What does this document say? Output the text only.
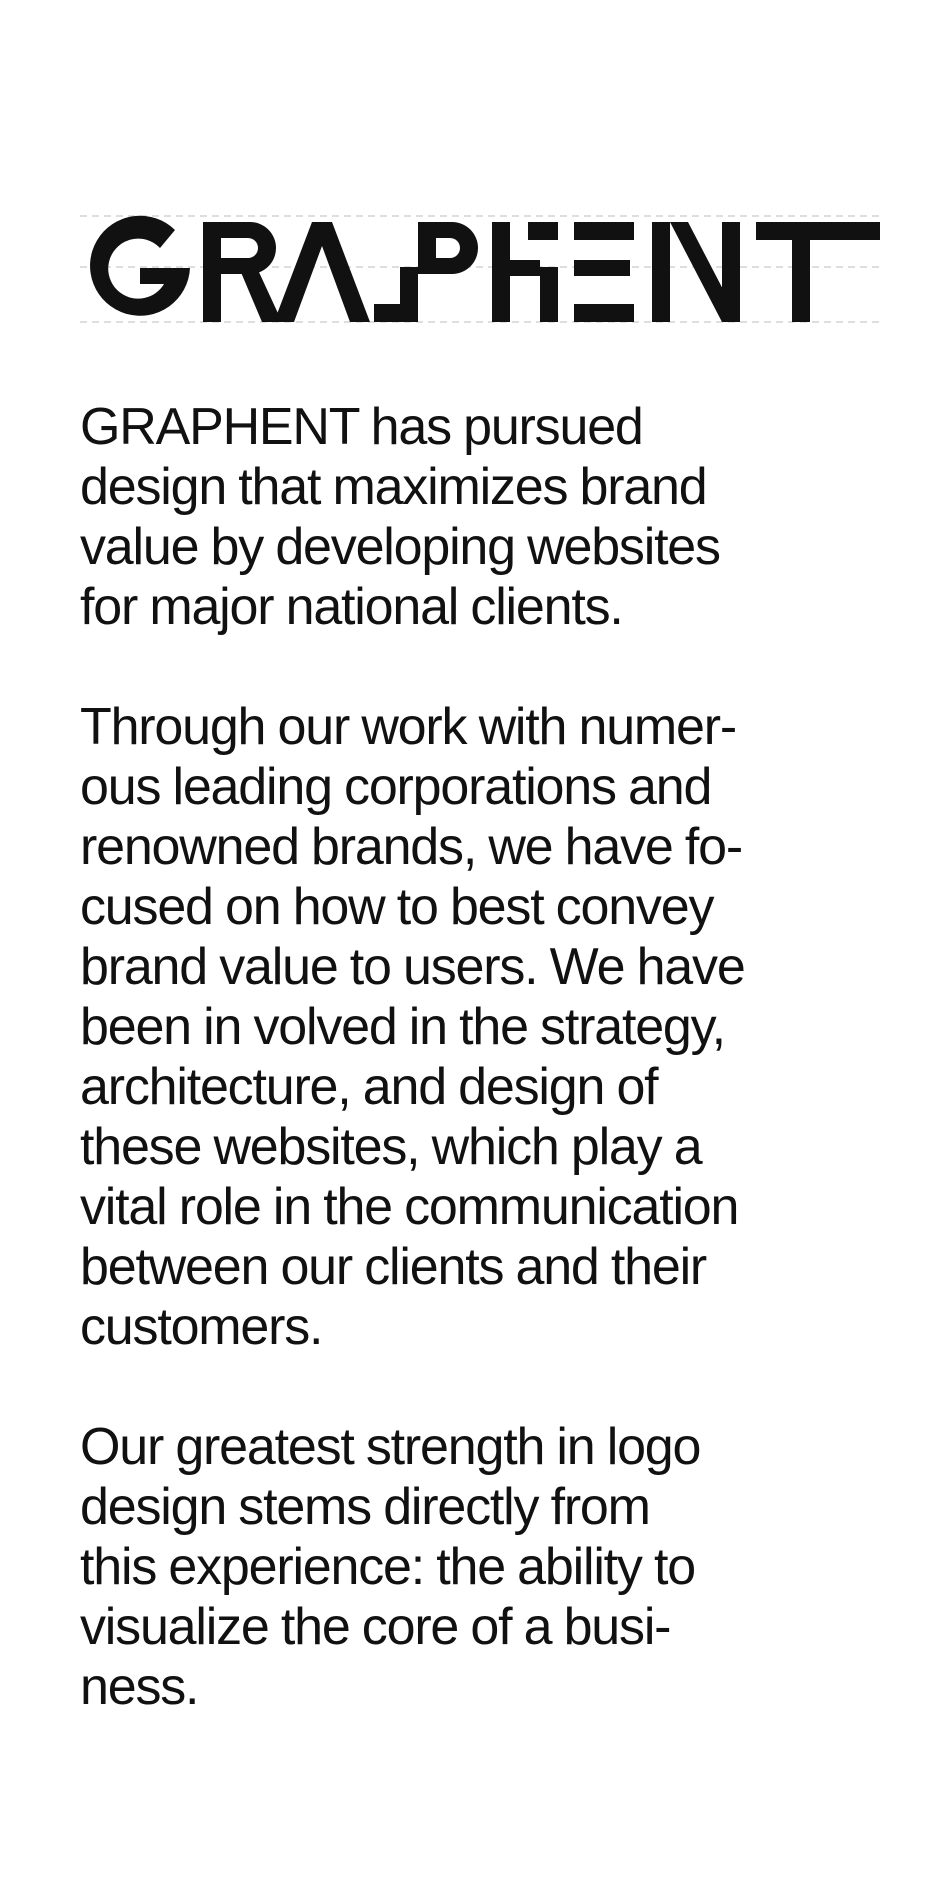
GRAPHENT has pursued
design that maximizes brand
value by developing websites
for major national clients.

Through our work with numer-
ous leading corporations and
renowned brands, we have fo-
cused on how to best convey
brand value to users. We have
been in volved in the strategy,
architecture, and design of
these websites, which play a
vital role in the communication
between our clients and their
customers.

Our greatest strength in logo
design stems directly from
this experience: the ability to
visualize the core of a busi-
ness.
